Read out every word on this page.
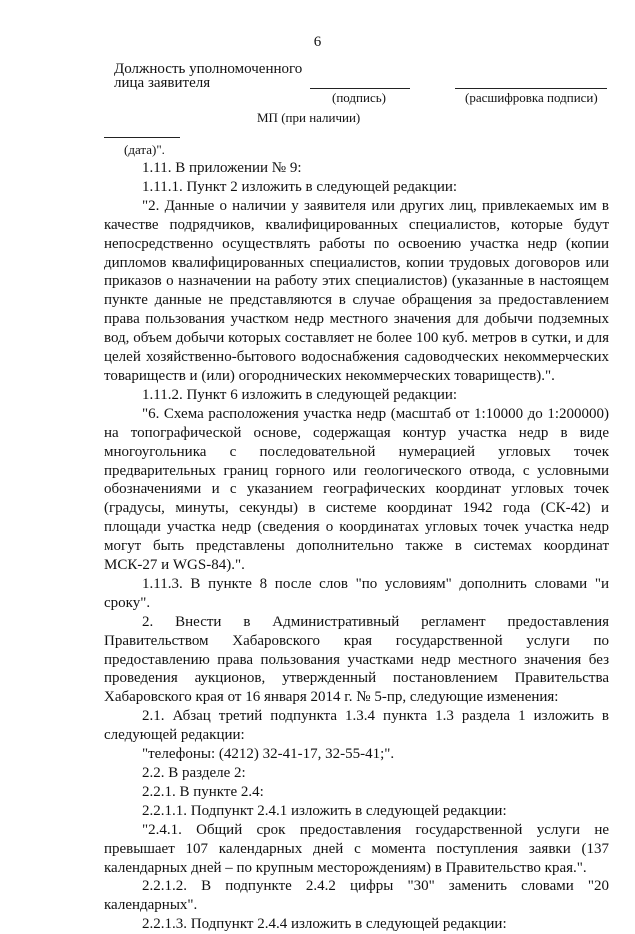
6
Должность уполномоченного
лица заявителя
(подпись)	(расшифровка подписи)
МП (при наличии)
(дата)".

1.11. В приложении № 9:

1.11.1. Пункт 2 изложить в следующей редакции:

"2. Данные о наличии у заявителя или других лиц, привлекаемых им в качестве подрядчиков, квалифицированных специалистов, которые будут непосредственно осуществлять работы по освоению участка недр (копии дипломов квалифицированных специалистов, копии трудовых договоров или приказов о назначении на работу этих специалистов) (указанные в настоящем пункте данные не представляются в случае обращения за предоставлением права пользования участком недр местного значения для добычи подземных вод, объем добычи которых составляет не более 100 куб. метров в сутки, и для целей хозяйственно-бытового водоснабжения садоводческих некоммерческих товариществ и (или) огороднических некоммерческих товариществ).".

1.11.2. Пункт 6 изложить в следующей редакции:

"6. Схема расположения участка недр (масштаб от 1:10000 до 1:200000) на топографической основе, содержащая контур участка недр в виде многоугольника с последовательной нумерацией угловых точек предварительных границ горного или геологического отвода, с условными обозначениями и с указанием географических координат угловых точек (градусы, минуты, секунды) в системе координат 1942 года (СК-42) и площади участка недр (сведения о координатах угловых точек участка недр могут быть представлены дополнительно также в системах координат МСК-27 и WGS-84).".

1.11.3. В пункте 8 после слов "по условиям" дополнить словами "и сроку".

2. Внести в Административный регламент предоставления Правительством Хабаровского края государственной услуги по предоставлению права пользования участками недр местного значения без проведения аукционов, утвержденный постановлением Правительства Хабаровского края от 16 января 2014 г. № 5-пр, следующие изменения:

2.1. Абзац третий подпункта 1.3.4 пункта 1.3 раздела 1 изложить в следующей редакции:

"телефоны: (4212) 32-41-17, 32-55-41;".

2.2. В разделе 2:

2.2.1. В пункте 2.4:

2.2.1.1. Подпункт 2.4.1 изложить в следующей редакции:

"2.4.1. Общий срок предоставления государственной услуги не превышает 107 календарных дней с момента поступления заявки (137 календарных дней – по крупным месторождениям) в Правительство края.".

2.2.1.2. В подпункте 2.4.2 цифры "30" заменить словами "20 календарных".

2.2.1.3. Подпункт 2.4.4 изложить в следующей редакции:
